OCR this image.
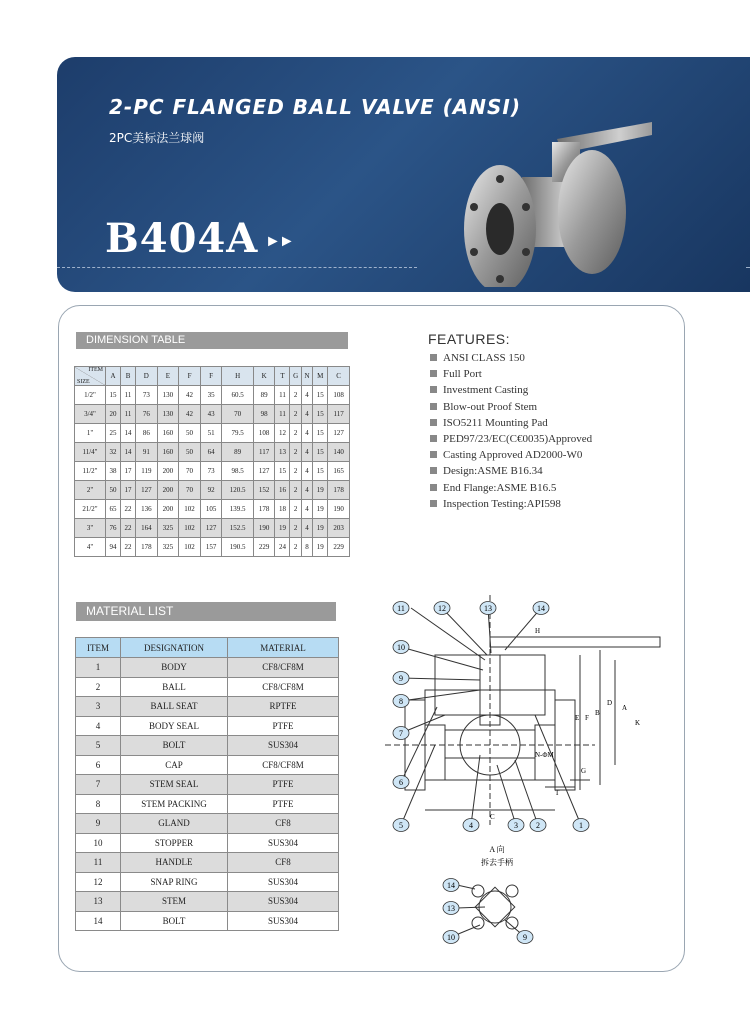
2-PC FLANGED BALL VALVE (ANSI)
2PC美标法兰球阀
B404A ►►
DIMENSION TABLE
ITEM
SIZE	A	B	D	E	F	F	H	K	T	G	N	M	C
1/2"	15	11	73	130	42	35	60.5	89	11	2	4	15	108
3/4"	20	11	76	130	42	43	70	98	11	2	4	15	117
1"	25	14	86	160	50	51	79.5	108	12	2	4	15	127
11/4"	32	14	91	160	50	64	89	117	13	2	4	15	140
11/2"	38	17	119	200	70	73	98.5	127	15	2	4	15	165
2"	50	17	127	200	70	92	120.5	152	16	2	4	19	178
21/2"	65	22	136	200	102	105	139.5	178	18	2	4	19	190
3"	76	22	164	325	102	127	152.5	190	19	2	4	19	203
4"	94	22	178	325	102	157	190.5	229	24	2	8	19	229
FEATURES:
ANSI CLASS 150
Full Port
Investment Casting
Blow-out Proof Stem
ISO5211 Mounting Pad
PED97/23/EC(C€0035)Approved
Casting Approved AD2000-W0
Design:ASME B16.34
End Flange:ASME B16.5
Inspection Testing:API598
MATERIAL LIST
ITEM	DESIGNATION	MATERIAL
1	BODY	CF8/CF8M
2	BALL	CF8/CF8M
3	BALL SEAT	RPTFE
4	BODY SEAL	PTFE
5	BOLT	SUS304
6	CAP	CF8/CF8M
7	STEM SEAL	PTFE
8	STEM PACKING	PTFE
9	GLAND	CF8
10	STOPPER	SUS304
11	HANDLE	CF8
12	SNAP RING	SUS304
13	STEM	SUS304
14	BOLT	SUS304
11	12	13	14
10
9
8
7
6
5	4	3 2	1
14
13
10	9
A 向
拆去手柄
H
D
F
E
A
B
N-ΦM
T
G
C
K
